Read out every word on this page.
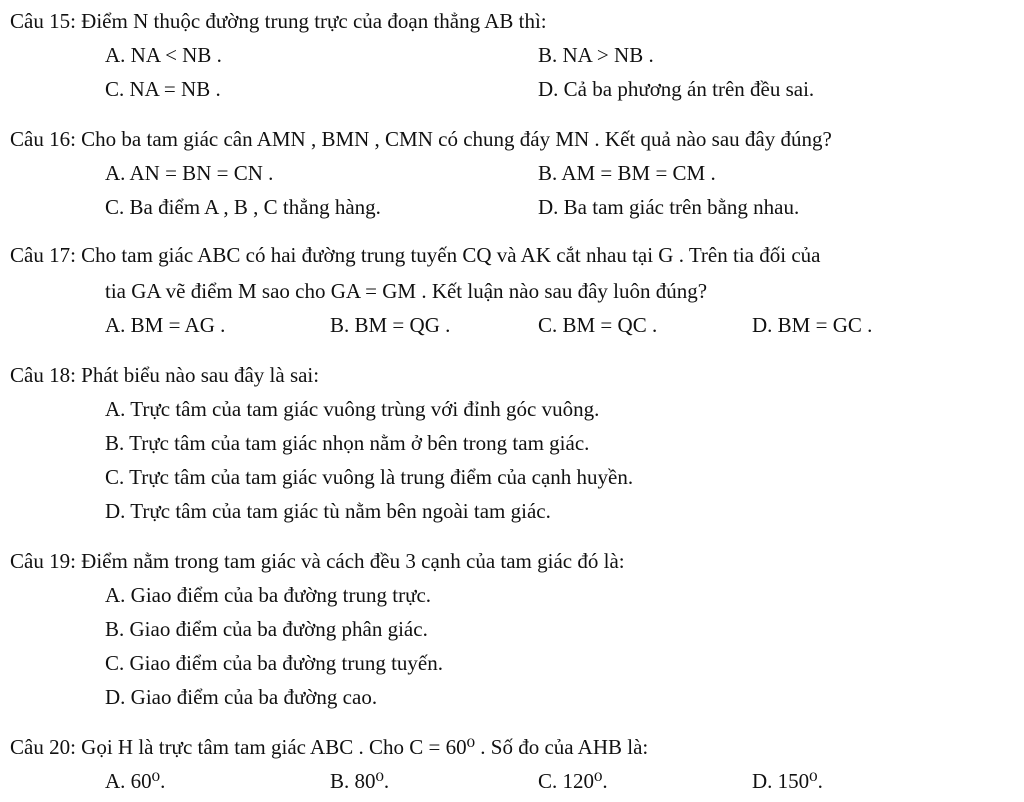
Câu 15: Điểm N thuộc đường trung trực của đoạn thẳng AB thì:
A. NA < NB .	B. NA > NB .
C. NA = NB .	D. Cả ba phương án trên đều sai.
Câu 16: Cho ba tam giác cân AMN , BMN , CMN có chung đáy MN . Kết quả nào sau đây đúng?
A. AN = BN = CN .	B. AM = BM = CM .
C. Ba điểm A , B , C thẳng hàng.	D. Ba tam giác trên bằng nhau.
Câu 17: Cho tam giác ABC có hai đường trung tuyến CQ và AK cắt nhau tại G . Trên tia đối của
tia GA vẽ điểm M sao cho GA = GM . Kết luận nào sau đây luôn đúng?
A. BM = AG .	B. BM = QG .	C. BM = QC .	D. BM = GC .
Câu 18: Phát biểu nào sau đây là sai:
A. Trực tâm của tam giác vuông trùng với đỉnh góc vuông.
B. Trực tâm của tam giác nhọn nằm ở bên trong tam giác.
C. Trực tâm của tam giác vuông là trung điểm của cạnh huyền.
D. Trực tâm của tam giác tù nằm bên ngoài tam giác.
Câu 19: Điểm nằm trong tam giác và cách đều 3 cạnh của tam giác đó là:
A. Giao điểm của ba đường trung trực.
B. Giao điểm của ba đường phân giác.
C. Giao điểm của ba đường trung tuyến.
D. Giao điểm của ba đường cao.
Câu 20: Gọi H là trực tâm tam giác ABC . Cho C = 60⁰ . Số đo của AHB là:
A. 60⁰.	B. 80⁰.	C. 120⁰.	D. 150⁰.
